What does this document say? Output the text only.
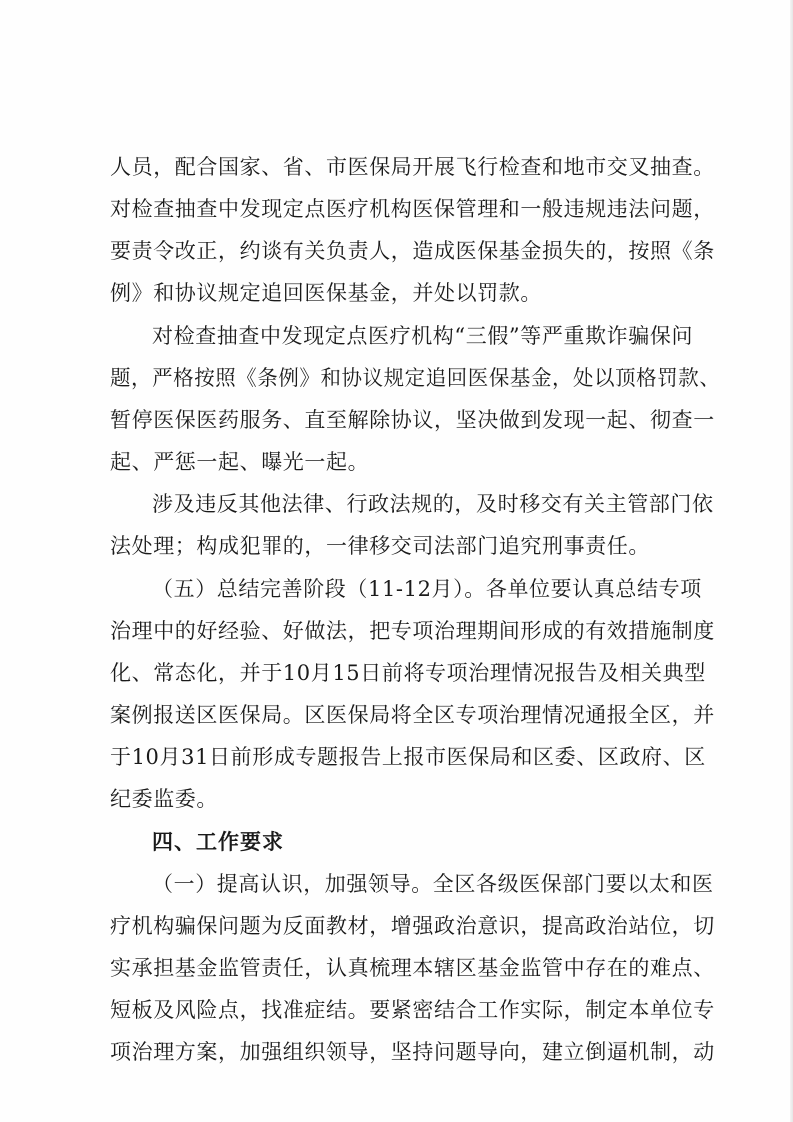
人员，配合国家、省、市医保局开展飞行检查和地市交叉抽查。
对检查抽查中发现定点医疗机构医保管理和一般违规违法问题，
要责令改正，约谈有关负责人，造成医保基金损失的，按照《条
例》和协议规定追回医保基金，并处以罚款。
对检查抽查中发现定点医疗机构“三假”等严重欺诈骗保问
题，严格按照《条例》和协议规定追回医保基金，处以顶格罚款、
暂停医保医药服务、直至解除协议，坚决做到发现一起、彻查一
起、严惩一起、曝光一起。
涉及违反其他法律、行政法规的，及时移交有关主管部门依
法处理；构成犯罪的，一律移交司法部门追究刑事责任。
（五）总结完善阶段（11-12月）。各单位要认真总结专项
治理中的好经验、好做法，把专项治理期间形成的有效措施制度
化、常态化，并于10月15日前将专项治理情况报告及相关典型
案例报送区医保局。区医保局将全区专项治理情况通报全区，并
于10月31日前形成专题报告上报市医保局和区委、区政府、区
纪委监委。
四、工作要求
（一）提高认识，加强领导。全区各级医保部门要以太和医
疗机构骗保问题为反面教材，增强政治意识，提高政治站位，切
实承担基金监管责任，认真梳理本辖区基金监管中存在的难点、
短板及风险点，找准症结。要紧密结合工作实际，制定本单位专
项治理方案，加强组织领导，坚持问题导向，建立倒逼机制，动
